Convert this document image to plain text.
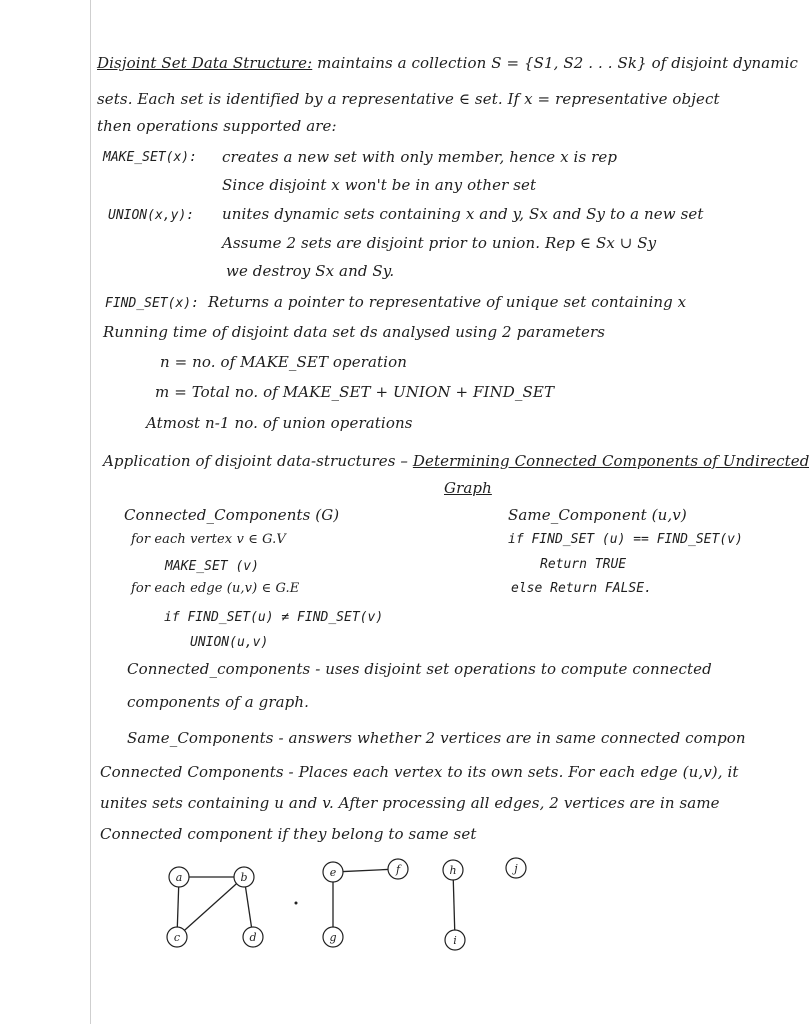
Disjoint Set Data Structure: maintains a collection S = {S1, S2 . . . Sk} of disjoint dynamic
sets. Each set is identified by a representative ∈ set. If x = representative object
then operations supported are:
MAKE_SET(x): creates a new set with only member, hence x is rep
Since disjoint x won't be in any other set
UNION(x,y): unites dynamic sets containing x and y, Sx and Sy to a new set
Assume 2 sets are disjoint prior to union. Rep ∈ Sx ∪ Sy
we destroy Sx and Sy.
FIND_SET(x): Returns a pointer to representative of unique set containing x
Running time of disjoint data set ds analysed using 2 parameters
n = no. of MAKE_SET operation
m = Total no. of MAKE_SET + UNION + FIND_SET
Atmost n-1 no. of union operations
Application of disjoint data-structures – Determining Connected Components of Undirected
Graph
Connected_Components (G)
for each vertex v ∈ G.V
MAKE_SET (v)
for each edge (u,v) ∈ G.E
if FIND_SET(u) ≠ FIND_SET(v)
UNION(u,v)
Same_Component (u,v)
if FIND_SET (u) == FIND_SET(v)
Return TRUE
else Return FALSE.
Connected_components - uses disjoint set operations to compute connected
components of a graph.
Same_Components - answers whether 2 vertices are in same connected compon
Connected Components - Places each vertex to its own sets. For each edge (u,v), it
unites sets containing u and v. After processing all edges, 2 vertices are in same
Connected component if they belong to same set
a	b
c	d
e	f
g
h
i
j
